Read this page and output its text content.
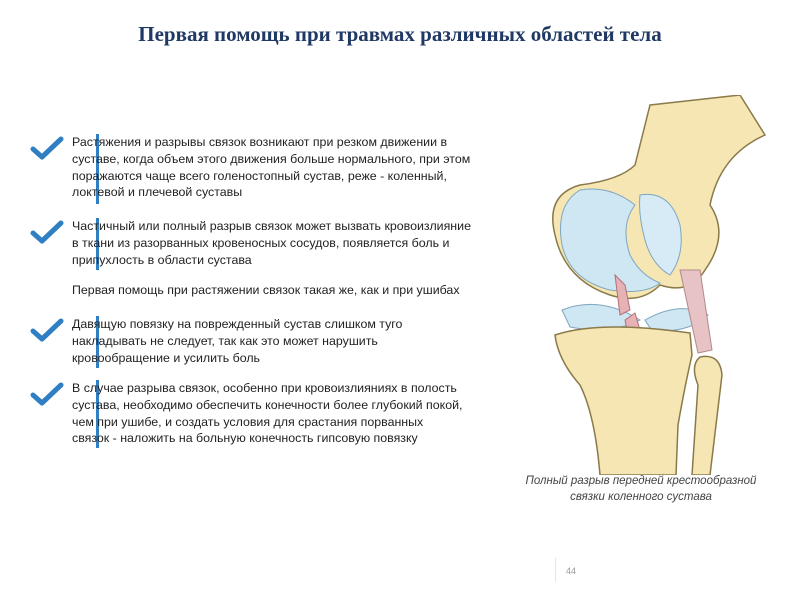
Первая помощь при травмах различных областей тела
Растяжения и разрывы связок возникают при резком движении в
суставе, когда объем этого движения больше нормального, при этом
поражаются чаще всего голеностопный сустав, реже - коленный,
локтевой и плечевой суставы
Частичный или полный разрыв связок может вызвать кровоизлияние
в ткани из разорванных кровеносных сосудов, появляется боль и
припухлость в области сустава
Первая помощь при растяжении связок такая же, как и при ушибах
Давящую повязку на поврежденный сустав слишком туго
накладывать не следует, так как это может нарушить
кровообращение и усилить боль
В случае разрыва связок, особенно при кровоизлияниях в полость
сустава, необходимо обеспечить конечности более глубокий покой,
чем при ушибе, и создать условия для срастания порванных
связок - наложить на больную конечность гипсовую повязку
Полный разрыв передней крестообразной
связки коленного сустава
44
